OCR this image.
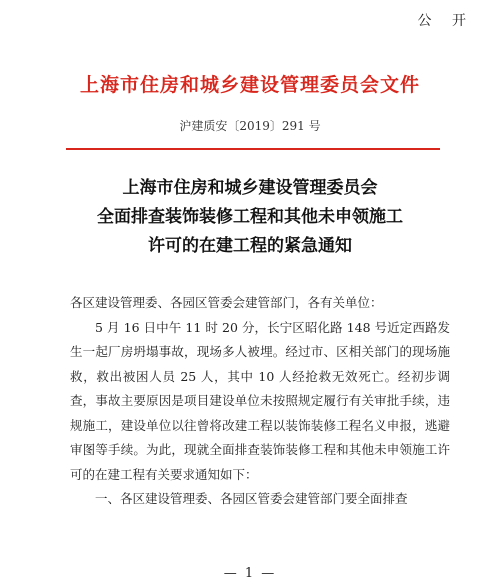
公 开
上海市住房和城乡建设管理委员会文件
沪建质安〔2019〕291 号
上海市住房和城乡建设管理委员会
全面排查装饰装修工程和其他未申领施工
许可的在建工程的紧急通知

各区建设管理委、各园区管委会建管部门，各有关单位：

5 月 16 日中午 11 时 20 分，长宁区昭化路 148 号近定西路发生一起厂房坍塌事故，现场多人被埋。经过市、区相关部门的现场施救，救出被困人员 25 人，其中 10 人经抢救无效死亡。经初步调查，事故主要原因是项目建设单位未按照规定履行有关审批手续，违规施工，建设单位以往曾将改建工程以装饰装修工程名义申报，逃避审图等手续。为此，现就全面排查装饰装修工程和其他未申领施工许可的在建工程有关要求通知如下：

一、各区建设管理委、各园区管委会建管部门要全面排查

— 1 —
